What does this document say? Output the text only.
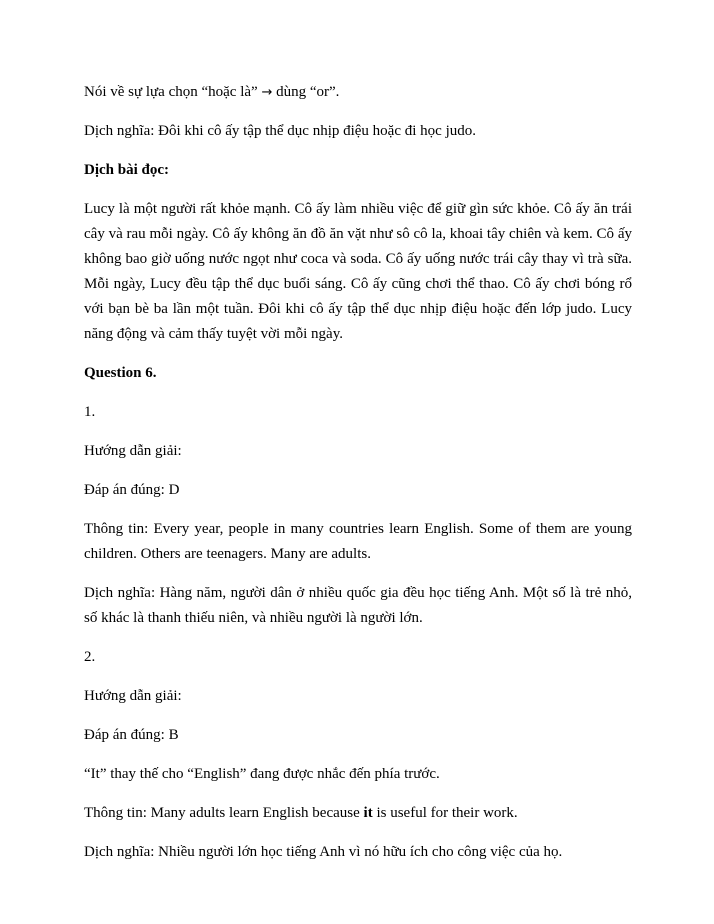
Nói về sự lựa chọn “hoặc là” → dùng “or”.

Dịch nghĩa: Đôi khi cô ấy tập thể dục nhịp điệu hoặc đi học judo.

Dịch bài đọc:

Lucy là một người rất khỏe mạnh. Cô ấy làm nhiều việc để giữ gìn sức khỏe. Cô ấy ăn trái cây và rau mỗi ngày. Cô ấy không ăn đồ ăn vặt như sô cô la, khoai tây chiên và kem. Cô ấy không bao giờ uống nước ngọt như coca và soda. Cô ấy uống nước trái cây thay vì trà sữa. Mỗi ngày, Lucy đều tập thể dục buổi sáng. Cô ấy cũng chơi thể thao. Cô ấy chơi bóng rổ với bạn bè ba lần một tuần. Đôi khi cô ấy tập thể dục nhịp điệu hoặc đến lớp judo. Lucy năng động và cảm thấy tuyệt vời mỗi ngày.

Question 6.

1.

Hướng dẫn giải:

Đáp án đúng: D

Thông tin: Every year, people in many countries learn English. Some of them are young children. Others are teenagers. Many are adults.

Dịch nghĩa: Hàng năm, người dân ở nhiều quốc gia đều học tiếng Anh. Một số là trẻ nhỏ, số khác là thanh thiếu niên, và nhiều người là người lớn.

2.

Hướng dẫn giải:

Đáp án đúng: B

“It” thay thế cho “English” đang được nhắc đến phía trước.

Thông tin: Many adults learn English because it is useful for their work.

Dịch nghĩa: Nhiều người lớn học tiếng Anh vì nó hữu ích cho công việc của họ.
